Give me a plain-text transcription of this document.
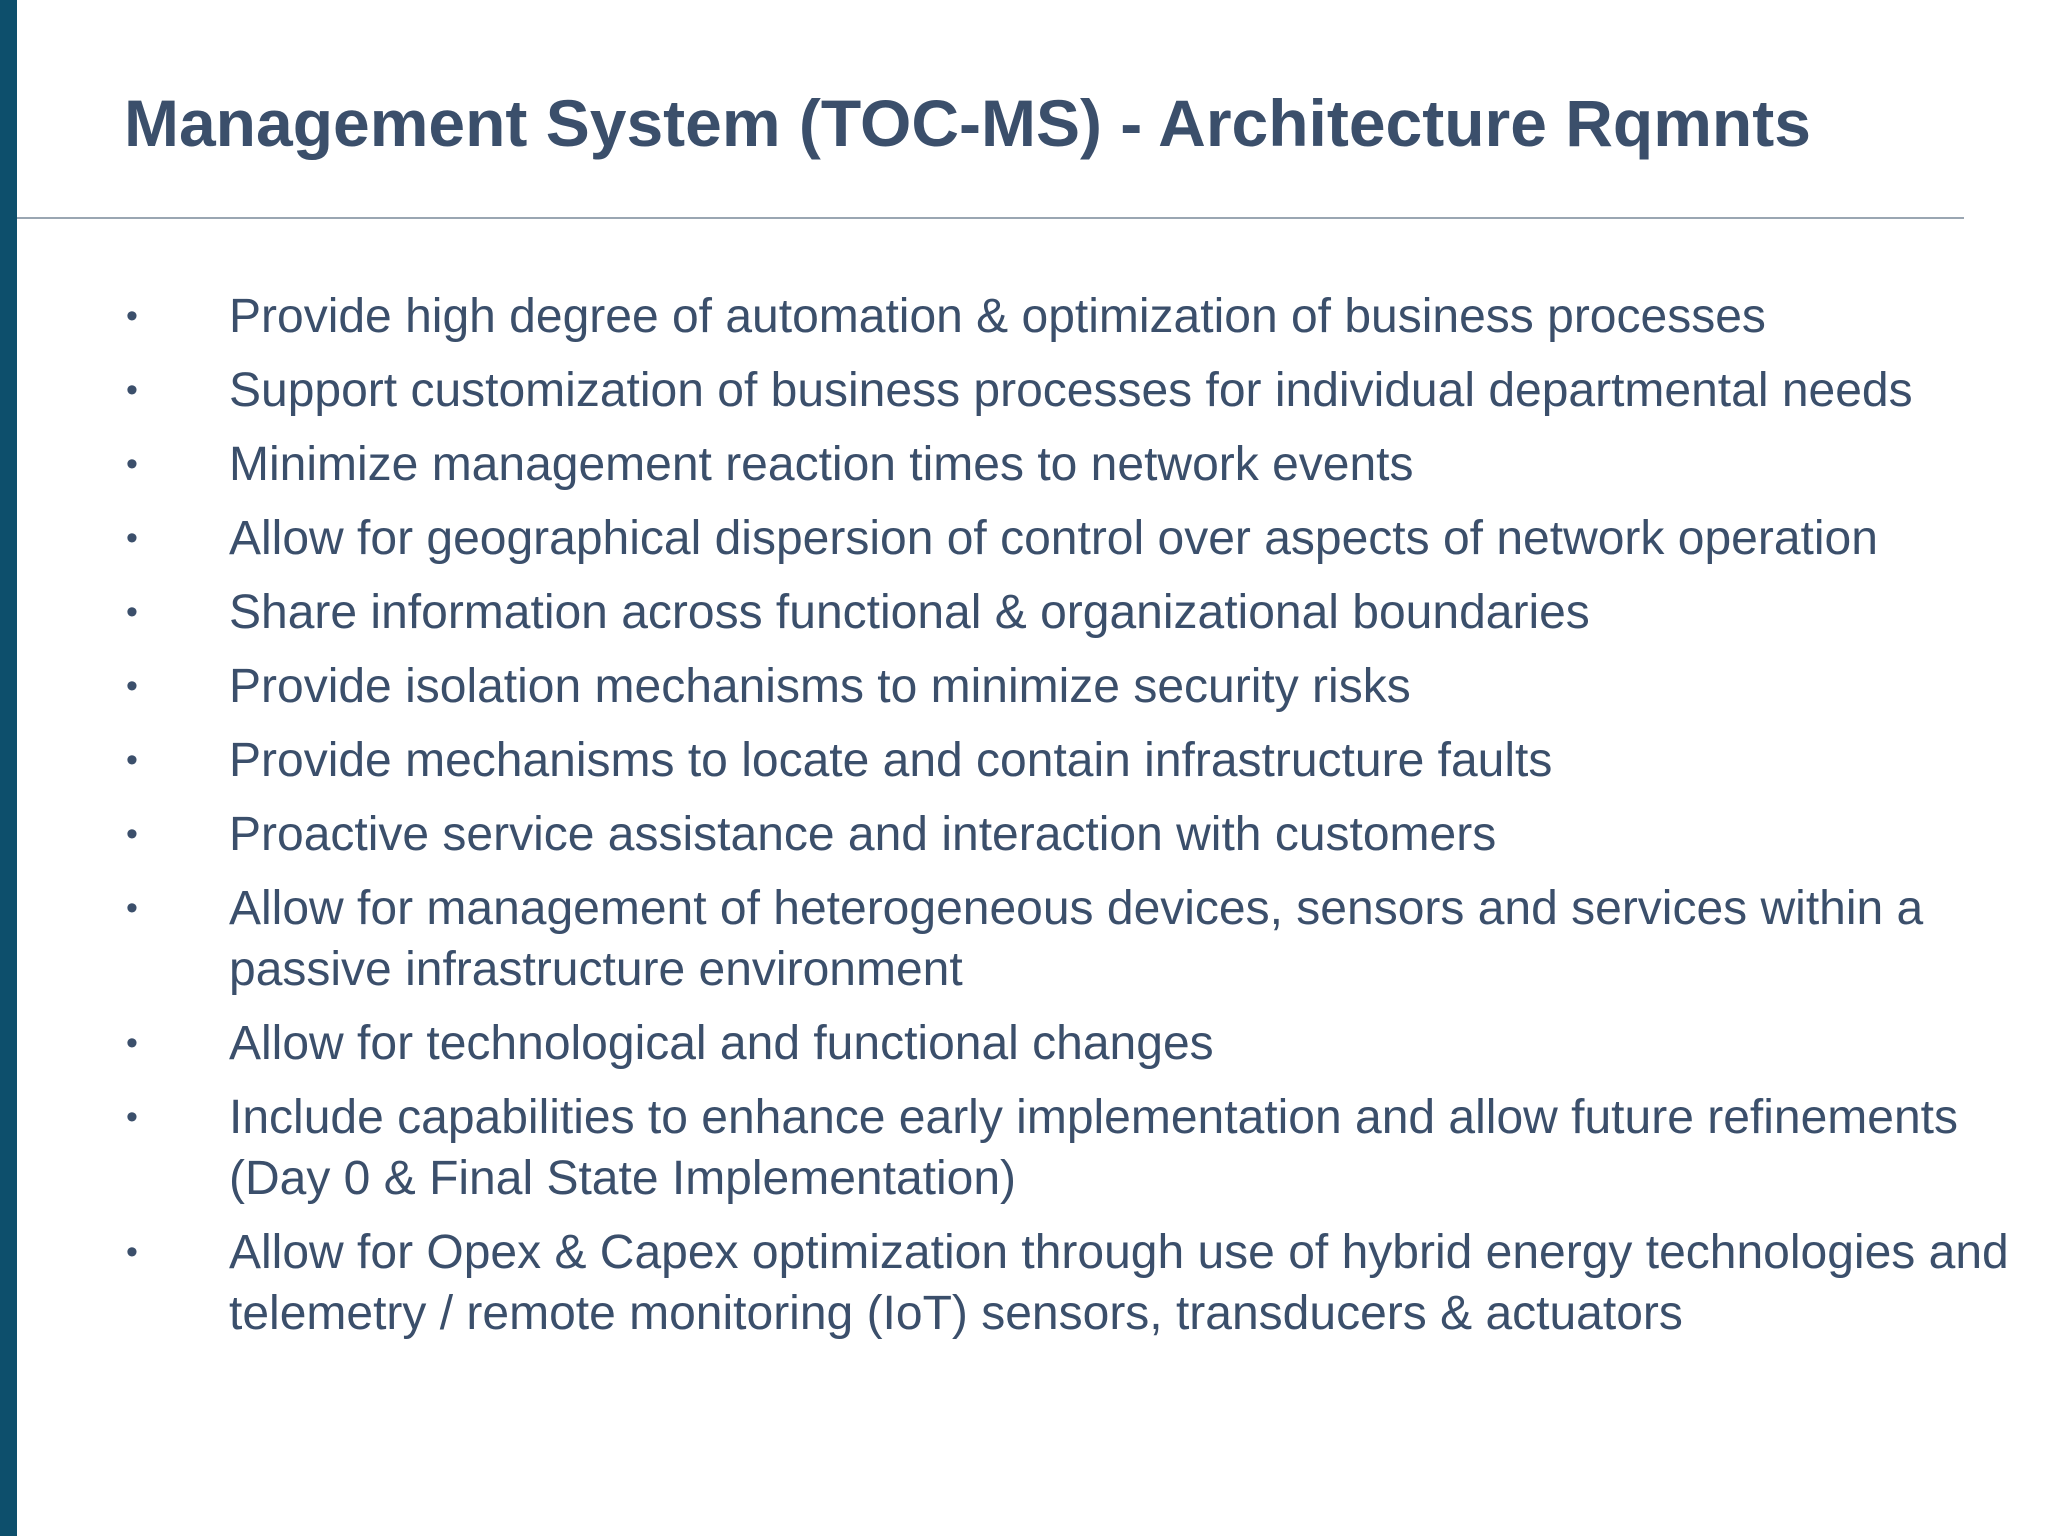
Management System (TOC-MS) - Architecture Rqmnts
• Provide high degree of automation & optimization of business processes
• Support customization of business processes for individual departmental needs
• Minimize management reaction times to network events
• Allow for geographical dispersion of control over aspects of network operation
• Share information across functional & organizational boundaries
• Provide isolation mechanisms to minimize security risks
• Provide mechanisms to locate and contain infrastructure faults
• Proactive service assistance and interaction with customers
• Allow for management of heterogeneous devices, sensors and services within a passive infrastructure environment
• Allow for technological and functional changes
• Include capabilities to enhance early implementation and allow future refinements (Day 0 & Final State Implementation)
• Allow for Opex & Capex optimization through use of hybrid energy technologies and telemetry / remote monitoring (IoT) sensors, transducers & actuators
